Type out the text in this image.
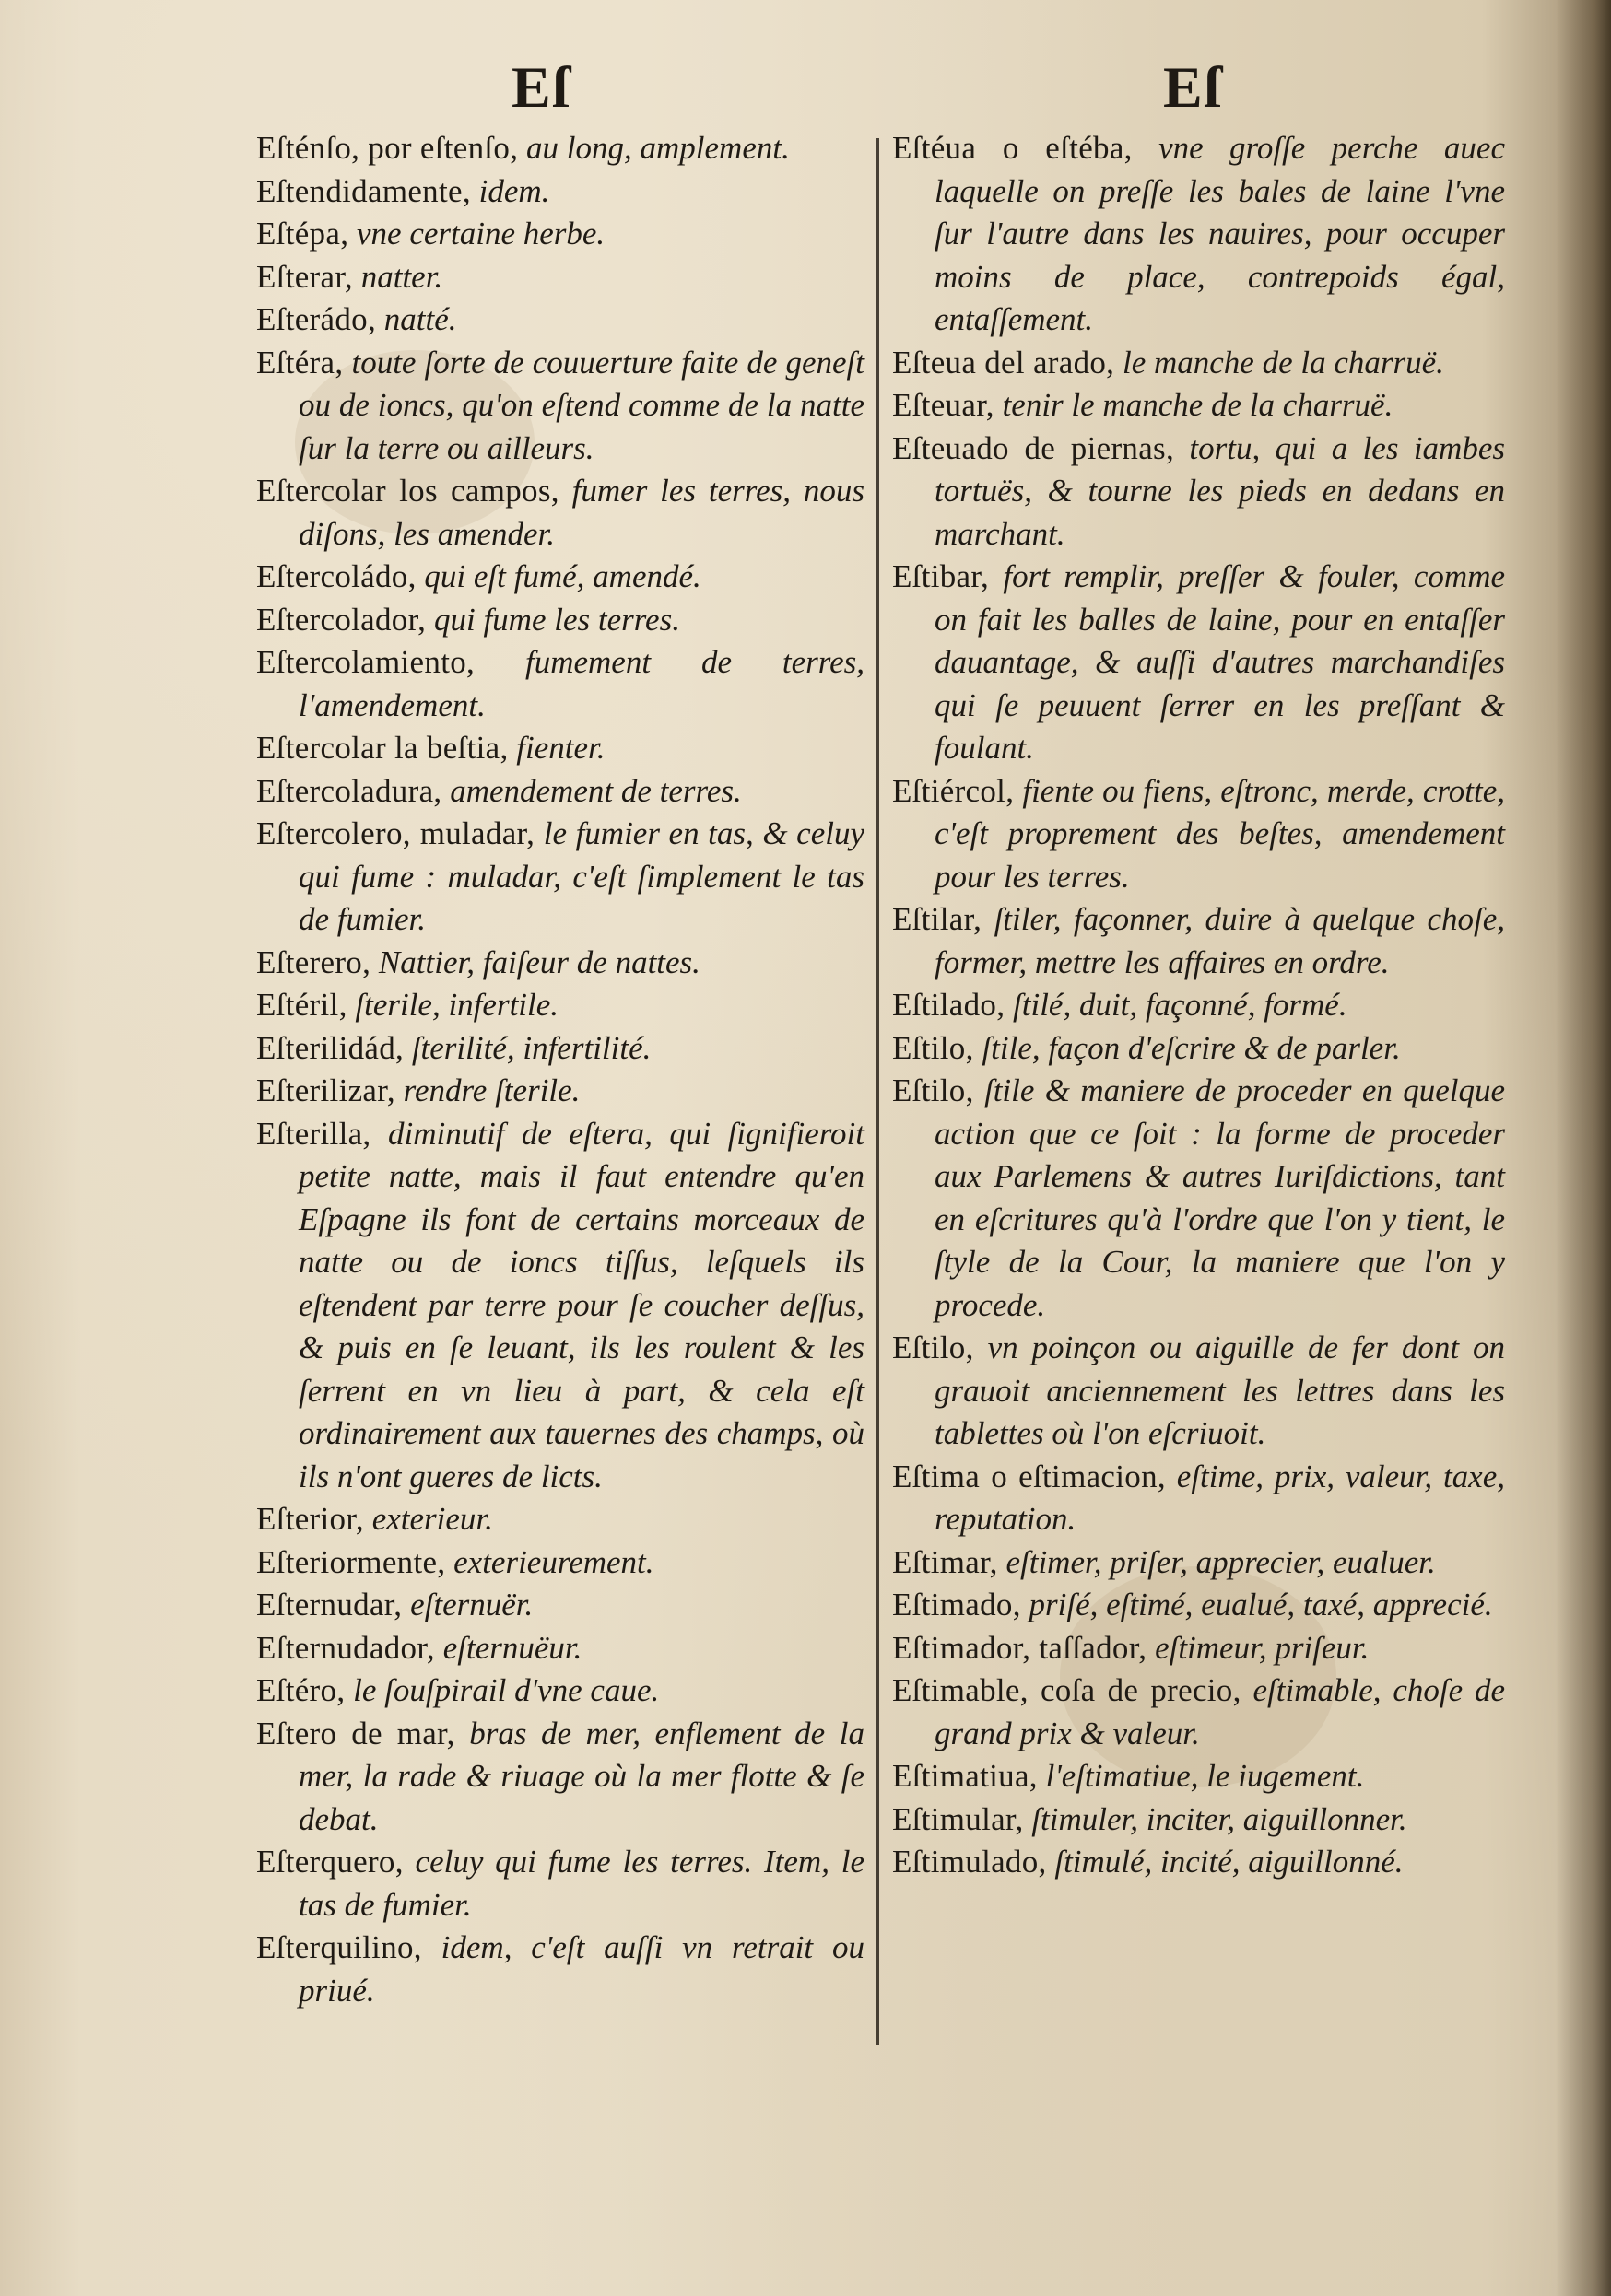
Eſ	Eſ
Eſténſo, por eſtenſo, au long, amplement.
Eſtendidamente, idem.
Eſtépa, vne certaine herbe.
Eſterar, natter.
Eſterádo, natté.
Eſtéra, toute ſorte de couuerture faite de geneſt ou de ioncs, qu'on eſtend comme de la natte ſur la terre ou ailleurs.
Eſtercolar los campos, fumer les terres, nous diſons, les amender.
Eſtercoládo, qui eſt fumé, amendé.
Eſtercolador, qui fume les terres.
Eſtercolamiento, fumement de terres, l'amendement.
Eſtercolar la beſtia, fienter.
Eſtercoladura, amendement de terres.
Eſtercolero, muladar, le fumier en tas, & celuy qui fume : muladar, c'eſt ſimplement le tas de fumier.
Eſterero, Nattier, faiſeur de nattes.
Eſtéril, ſterile, infertile.
Eſterilidád, ſterilité, infertilité.
Eſterilizar, rendre ſterile.
Eſterilla, diminutif de eſtera, qui ſignifieroit petite natte, mais il faut entendre qu'en Eſpagne ils font de certains morceaux de natte ou de ioncs tiſſus, leſquels ils eſtendent par terre pour ſe coucher deſſus, & puis en ſe leuant, ils les roulent & les ſerrent en vn lieu à part, & cela eſt ordinairement aux tauernes des champs, où ils n'ont gueres de licts.
Eſterior, exterieur.
Eſteriormente, exterieurement.
Eſternudar, eſternuër.
Eſternudador, eſternuëur.
Eſtéro, le ſouſpirail d'vne caue.
Eſtero de mar, bras de mer, enflement de la mer, la rade & riuage où la mer flotte & ſe debat.
Eſterquero, celuy qui fume les terres. Item, le tas de fumier.
Eſterquilino, idem, c'eſt auſſi vn retrait ou priué.
Eſtéua o eſtéba, vne groſſe perche auec laquelle on preſſe les bales de laine l'vne ſur l'autre dans les nauires, pour occuper moins de place, contrepoids égal, entaſſement.
Eſteua del arado, le manche de la charruë.
Eſteuar, tenir le manche de la charruë.
Eſteuado de piernas, tortu, qui a les iambes tortuës, & tourne les pieds en dedans en marchant.
Eſtibar, fort remplir, preſſer & fouler, comme on fait les balles de laine, pour en entaſſer dauantage, & auſſi d'autres marchandiſes qui ſe peuuent ſerrer en les preſſant & foulant.
Eſtiércol, fiente ou fiens, eſtronc, merde, crotte, c'eſt proprement des beſtes, amendement pour les terres.
Eſtilar, ſtiler, façonner, duire à quelque choſe, former, mettre les affaires en ordre.
Eſtilado, ſtilé, duit, façonné, formé.
Eſtilo, ſtile, façon d'eſcrire & de parler.
Eſtilo, ſtile & maniere de proceder en quelque action que ce ſoit : la forme de proceder aux Parlemens & autres Iuriſdictions, tant en eſcritures qu'à l'ordre que l'on y tient, le ſtyle de la Cour, la maniere que l'on y procede.
Eſtilo, vn poinçon ou aiguille de fer dont on grauoit anciennement les lettres dans les tablettes où l'on eſcriuoit.
Eſtima o eſtimacion, eſtime, prix, valeur, taxe, reputation.
Eſtimar, eſtimer, priſer, apprecier, eualuer.
Eſtimado, priſé, eſtimé, eualué, taxé, apprecié.
Eſtimador, taſſador, eſtimeur, priſeur.
Eſtimable, coſa de precio, eſtimable, choſe de grand prix & valeur.
Eſtimatiua, l'eſtimatiue, le iugement.
Eſtimular, ſtimuler, inciter, aiguillonner.
Eſtimulado, ſtimulé, incité, aiguillonné.
